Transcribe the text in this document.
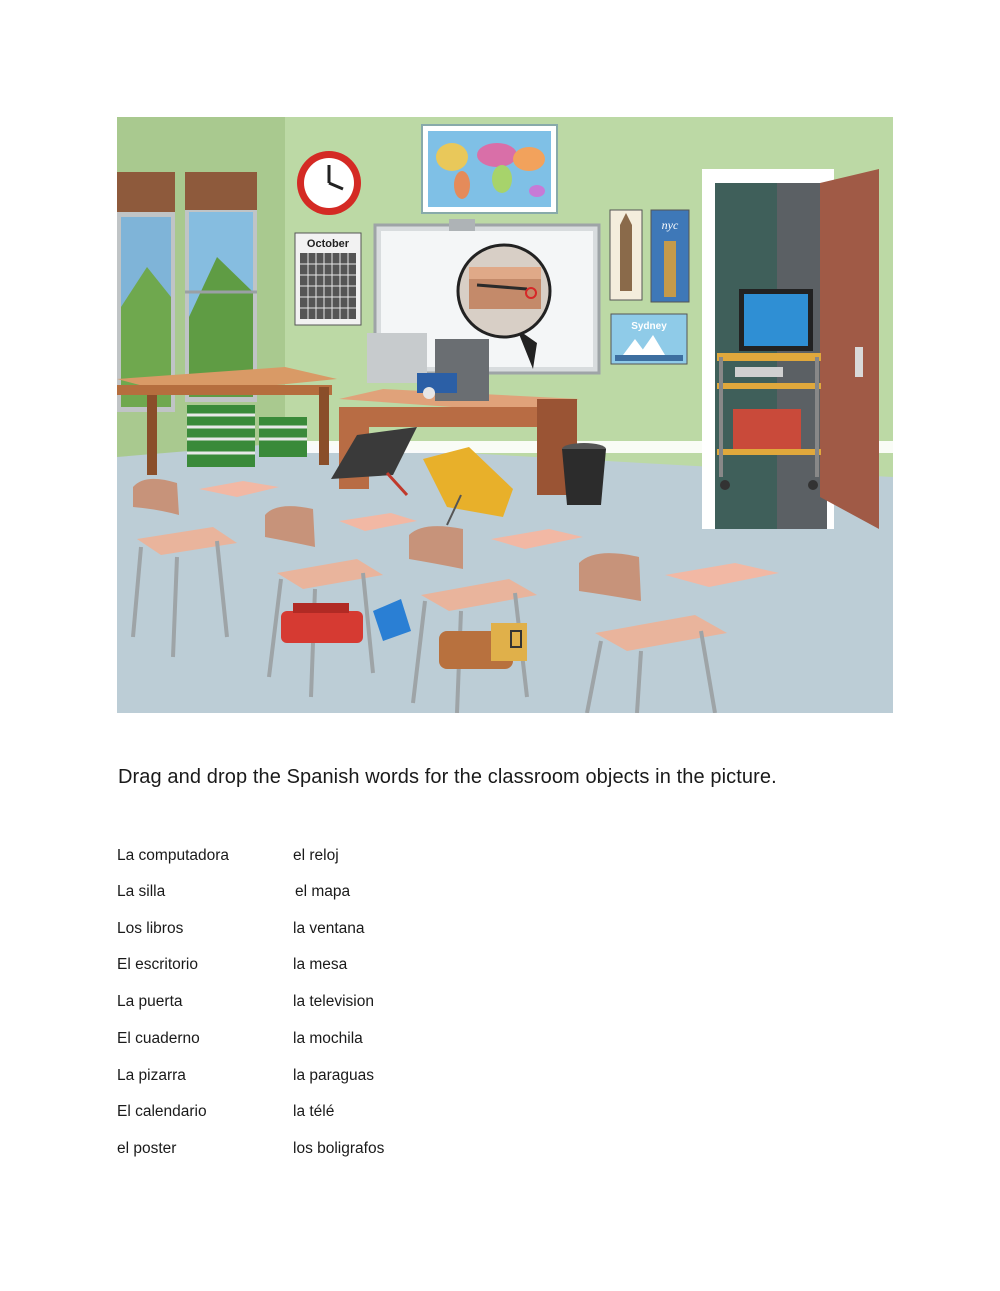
October
nyc
Sydney
Drag and drop the Spanish words for the classroom objects in the picture.
La computadora
La silla
Los libros
El escritorio
La puerta
El cuaderno
La pizarra
El calendario
el poster
el reloj
el mapa
la ventana
la mesa
la television
la mochila
la paraguas
la télé
los boligrafos
